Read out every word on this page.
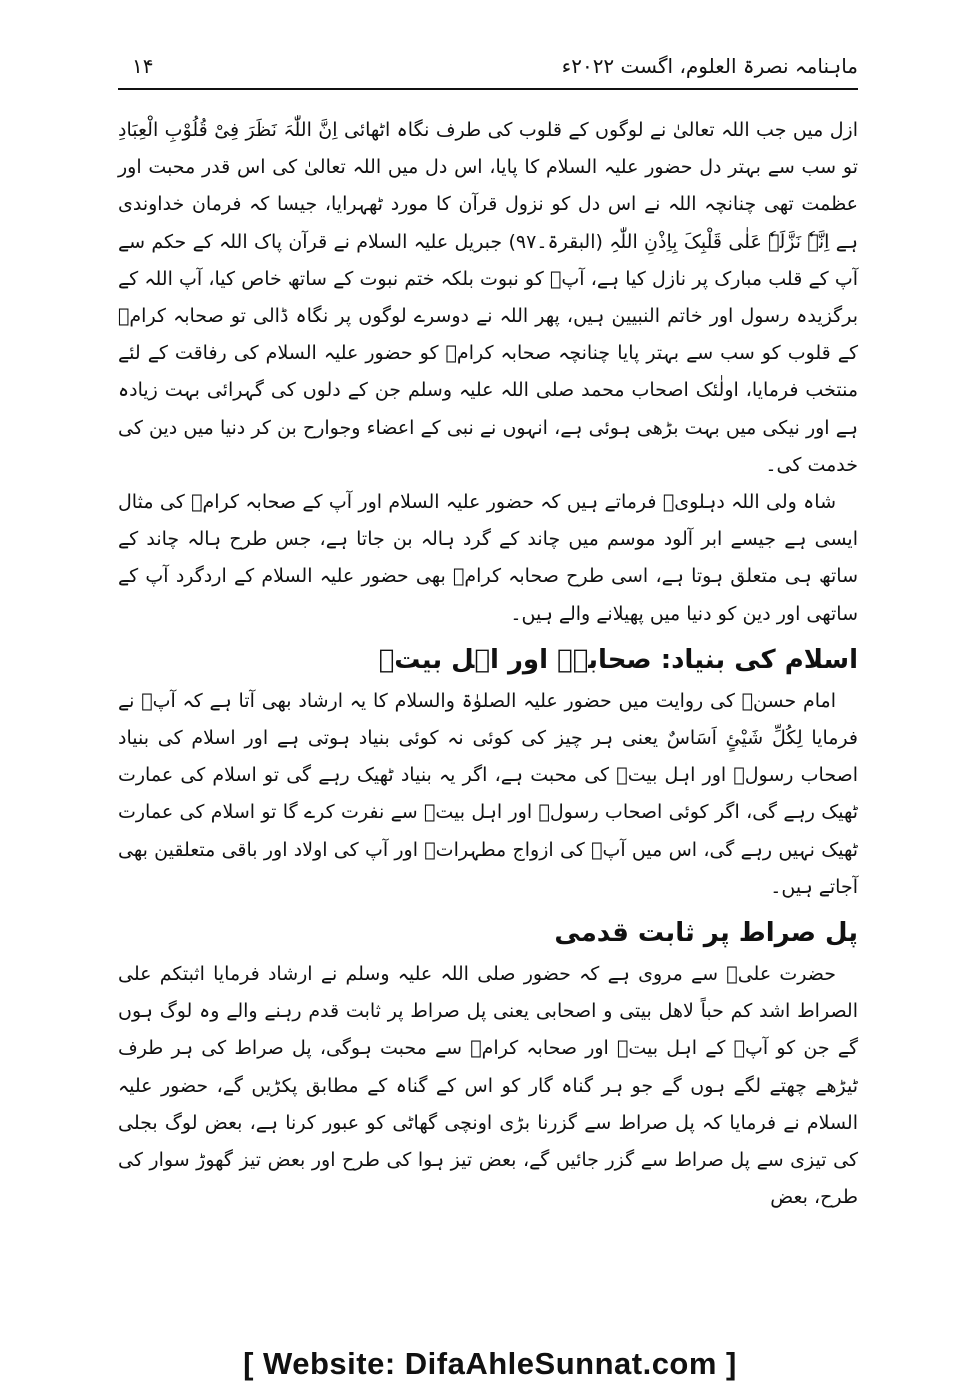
ماہنامہ نصرۃ العلوم، اگست ۲۰۲۲ء
۱۴

ازل میں جب اللہ تعالیٰ نے لوگوں کے قلوب کی طرف نگاہ اٹھائی اِنَّ اللّٰہَ نَظَرَ فِیْ قُلُوْبِ الْعِبَادِ تو سب سے بہتر دل حضور علیہ السلام کا پایا، اس دل میں اللہ تعالیٰ کی اس قدر محبت اور عظمت تھی چنانچہ اللہ نے اس دل کو نزول قرآن کا مورد ٹھہرایا، جیسا کہ فرمان خداوندی ہے اِنَّہٗ نَزَّلَہٗ عَلٰی قَلْبِکَ بِاِذْنِ اللّٰہِ (البقرۃ۔۹۷) جبریل علیہ السلام نے قرآن پاک اللہ کے حکم سے آپ کے قلب مبارک پر نازل کیا ہے، آپؐ کو نبوت بلکہ ختم نبوت کے ساتھ خاص کیا، آپ اللہ کے برگزیدہ رسول اور خاتم النبیین ہیں، پھر اللہ نے دوسرے لوگوں پر نگاہ ڈالی تو صحابہ کرامؓ کے قلوب کو سب سے بہتر پایا چنانچہ صحابہ کرامؓ کو حضور علیہ السلام کی رفاقت کے لئے منتخب فرمایا، اولٰئک اصحاب محمد صلی اللہ علیہ وسلم جن کے دلوں کی گہرائی بہت زیادہ ہے اور نیکی میں بہت بڑھی ہوئی ہے، انہوں نے نبی کے اعضاء وجوارح بن کر دنیا میں دین کی خدمت کی۔

شاہ ولی اللہ دہلویؒ فرماتے ہیں کہ حضور علیہ السلام اور آپ کے صحابہ کرامؓ کی مثال ایسی ہے جیسے ابر آلود موسم میں چاند کے گرد ہالہ بن جاتا ہے، جس طرح ہالہ چاند کے ساتھ ہی متعلق ہوتا ہے، اسی طرح صحابہ کرامؓ بھی حضور علیہ السلام کے اردگرد آپ کے ساتھی اور دین کو دنیا میں پھیلانے والے ہیں۔

اسلام کی بنیاد: صحابہؓ اور اہل بیتؓ

امام حسنؓ کی روایت میں حضور علیہ الصلوٰۃ والسلام کا یہ ارشاد بھی آتا ہے کہ آپؐ نے فرمایا لِکُلِّ شَیْئٍ اَسَاسٌ یعنی ہر چیز کی کوئی نہ کوئی بنیاد ہوتی ہے اور اسلام کی بنیاد اصحاب رسولؐ اور اہل بیتؓ کی محبت ہے، اگر یہ بنیاد ٹھیک رہے گی تو اسلام کی عمارت ٹھیک رہے گی، اگر کوئی اصحاب رسولؐ اور اہل بیتؓ سے نفرت کرے گا تو اسلام کی عمارت ٹھیک نہیں رہے گی، اس میں آپؐ کی ازواج مطہراتؓ اور آپ کی اولاد اور باقی متعلقین بھی آجاتے ہیں۔

پل صراط پر ثابت قدمی

حضرت علیؓ سے مروی ہے کہ حضور صلی اللہ علیہ وسلم نے ارشاد فرمایا اثبتکم علی الصراط اشد کم حباً لاھل بیتی و اصحابی یعنی پل صراط پر ثابت قدم رہنے والے وہ لوگ ہوں گے جن کو آپؐ کے اہل بیتؓ اور صحابہ کرامؓ سے محبت ہوگی، پل صراط کی ہر طرف ٹیڑھے چھتے لگے ہوں گے جو ہر گناہ گار کو اس کے گناہ کے مطابق پکڑیں گے، حضور علیہ السلام نے فرمایا کہ پل صراط سے گزرنا بڑی اونچی گھاٹی کو عبور کرنا ہے، بعض لوگ بجلی کی تیزی سے پل صراط سے گزر جائیں گے، بعض تیز ہوا کی طرح اور بعض تیز گھوڑ سوار کی طرح، بعض

[ Website: DifaAhleSunnat.com ]
